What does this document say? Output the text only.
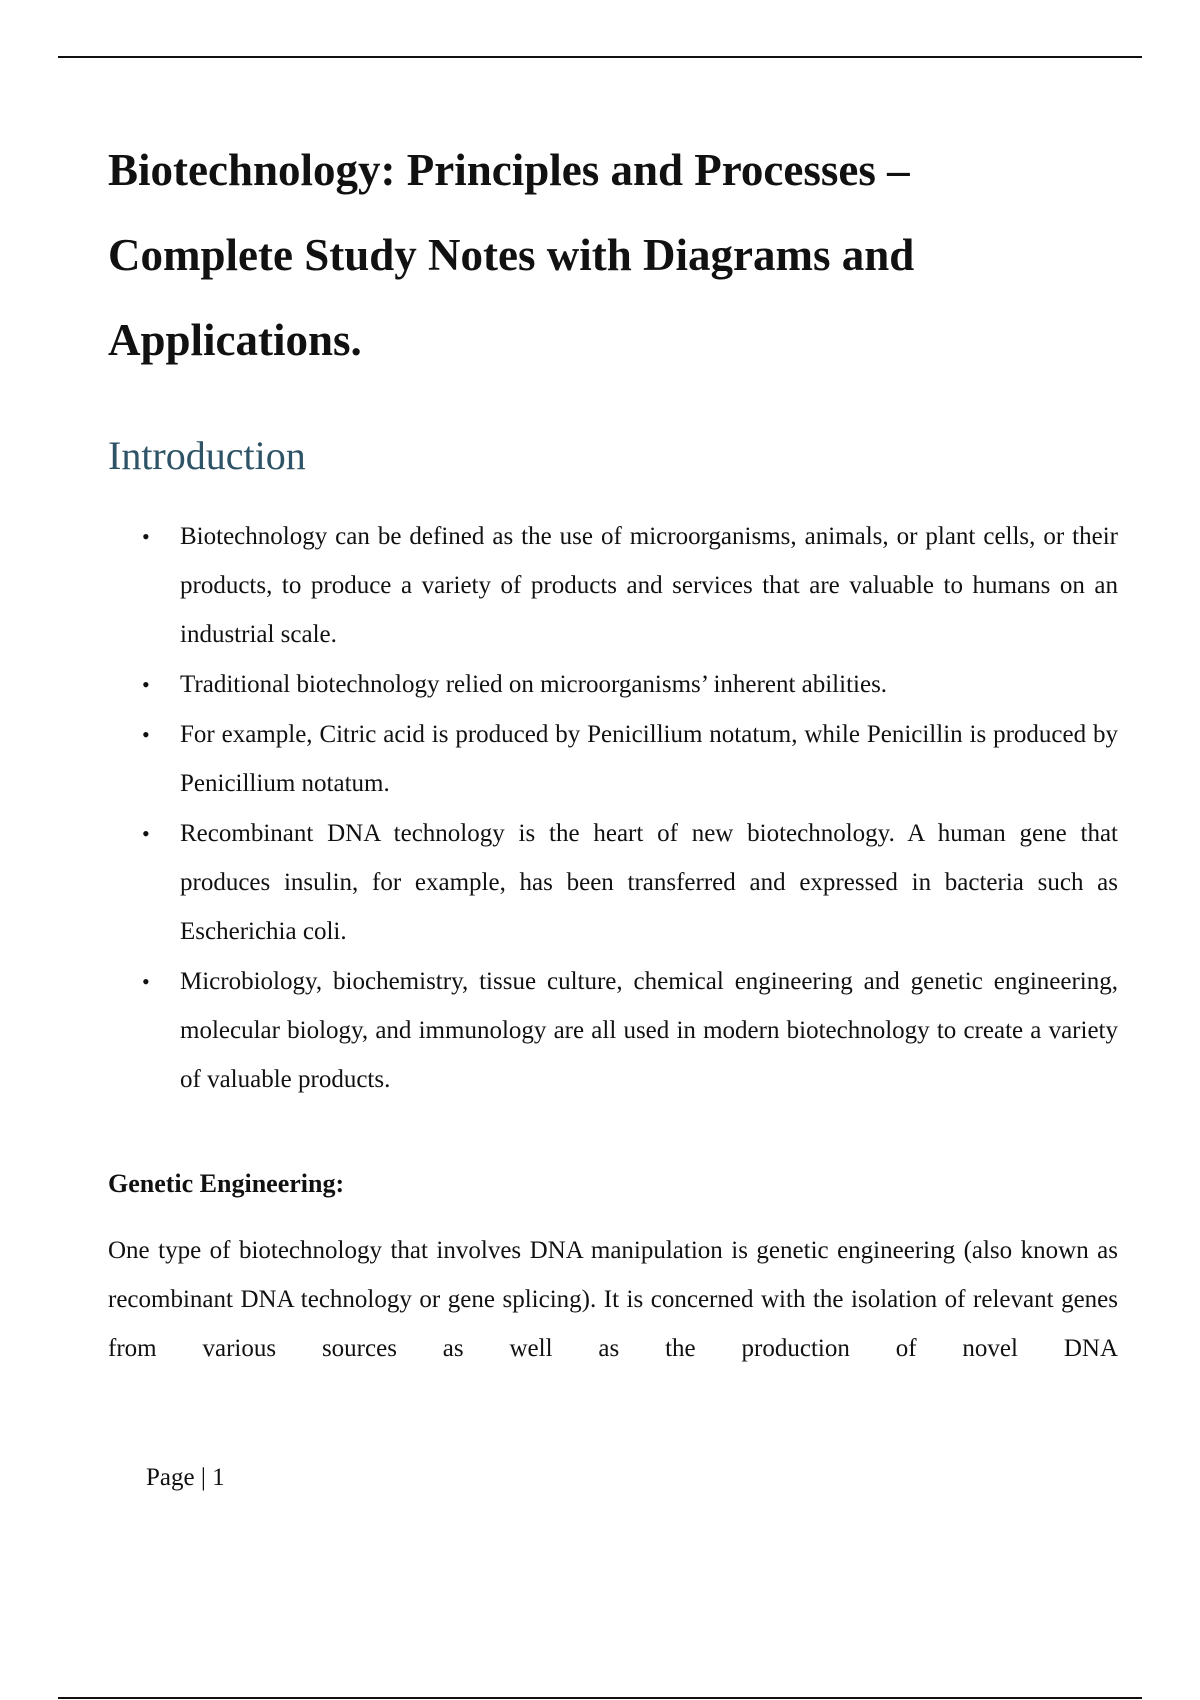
Biotechnology: Principles and Processes – Complete Study Notes with Diagrams and Applications.
Introduction
• Biotechnology can be defined as the use of microorganisms, animals, or plant cells, or their products, to produce a variety of products and services that are valuable to humans on an industrial scale.
• Traditional biotechnology relied on microorganisms’ inherent abilities.
• For example, Citric acid is produced by Penicillium notatum, while Penicillin is produced by Penicillium notatum.
• Recombinant DNA technology is the heart of new biotechnology. A human gene that produces insulin, for example, has been transferred and expressed in bacteria such as Escherichia coli.
• Microbiology, biochemistry, tissue culture, chemical engineering and genetic engineering, molecular biology, and immunology are all used in modern biotechnology to create a variety of valuable products.
Genetic Engineering:

One type of biotechnology that involves DNA manipulation is genetic engineering (also known as recombinant DNA technology or gene splicing). It is concerned with the isolation of relevant genes from various sources as well as the production of novel DNA

Page | 1
